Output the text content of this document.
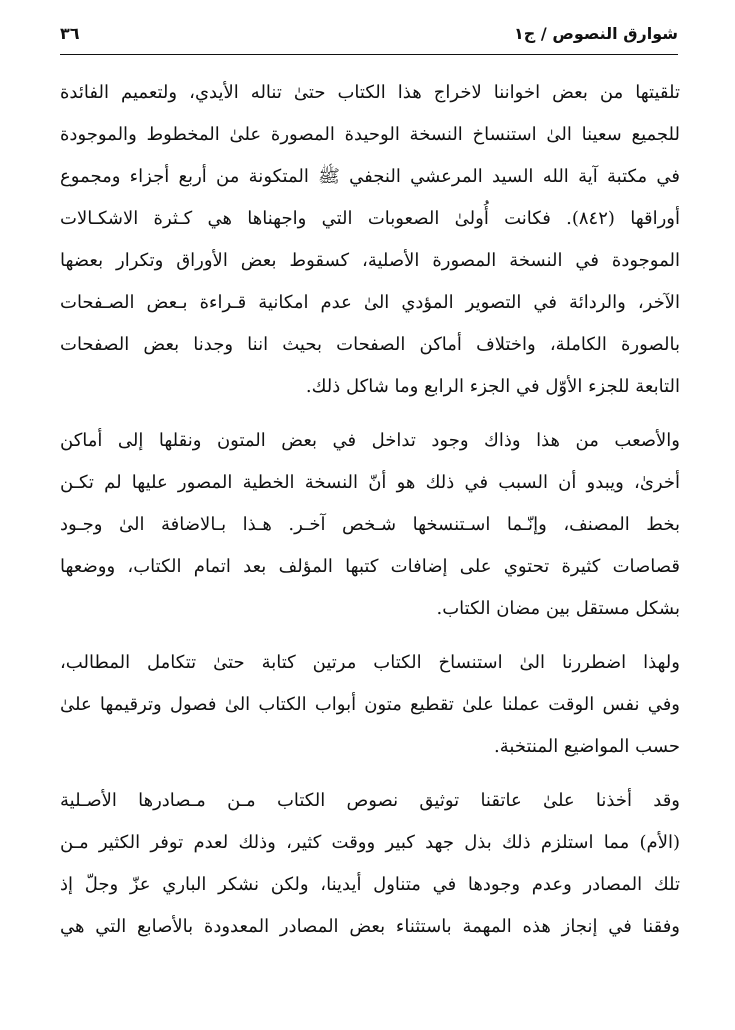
شوارق النصوص / ج١
٣٦
تلقيتها من بعض اخواننا لاخراج هذا الكتاب حتىٰ تناله الأيدي، ولتعميم الفائدة
للجميع سعينا الىٰ استنساخ النسخة الوحيدة المصورة علىٰ المخطوط والموجودة
في مكتبة آية الله السيد المرعشي النجفي ﷺ المتكونة من أربع أجزاء ومجموع
أوراقها (٨٤٢). فكانت أُولىٰ الصعوبات التي واجهناها هي كـثرة الاشكـالات
الموجودة في النسخة المصورة الأصلية، كسقوط بعض الأوراق وتكرار بعضها
الآخر، والردائة في التصوير المؤدي الىٰ عدم امكانية قـراءة بـعض الصـفحات
بالصورة الكاملة، واختلاف أماكن الصفحات بحيث اننا وجدنا بعض الصفحات
التابعة للجزء الأوّل في الجزء الرابع وما شاكل ذلك.
والأصعب من هذا وذاك وجود تداخل في بعض المتون ونقلها إلى أماكن
أخرىٰ، ويبدو أن السبب في ذلك هو أنّ النسخة الخطية المصور عليها لم تكـن
بخط المصنف، وإنّـما اسـتنسخها شـخص آخـر. هـذا بـالاضافة الىٰ وجـود
قصاصات كثيرة تحتوي على إضافات كتبها المؤلف بعد اتمام الكتاب، ووضعها
بشكل مستقل بين مضان الكتاب.
ولهذا اضطررنا الىٰ استنساخ الكتاب مرتين كتابة حتىٰ تتكامل المطالب،
وفي نفس الوقت عملنا علىٰ تقطيع متون أبواب الكتاب الىٰ فصول وترقيمها علىٰ
حسب المواضيع المنتخبة.
وقد أخذنا علىٰ عاتقنا توثيق نصوص الكتاب مـن مـصادرها الأصـلية
(الأم) مما استلزم ذلك بذل جهد كبير ووقت كثير، وذلك لعدم توفر الكثير مـن
تلك المصادر وعدم وجودها في متناول أيدينا، ولكن نشكر الباري عزّ وجلّ إذ
وفقنا في إنجاز هذه المهمة باستثناء بعض المصادر المعدودة بالأصابع التي هي
